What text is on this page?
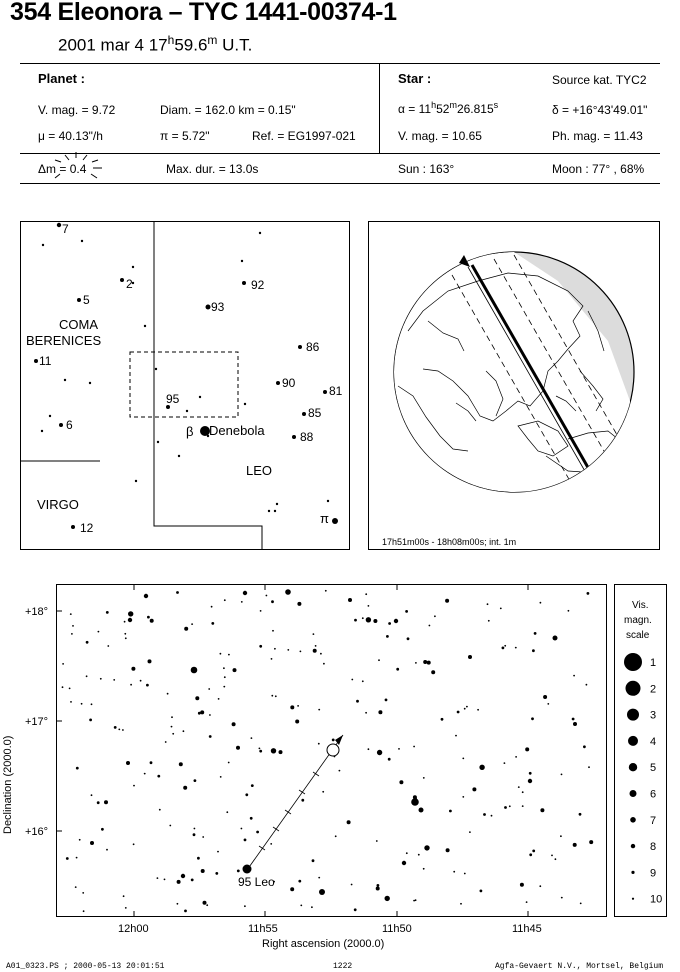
354 Eleonora – TYC 1441-00374-1
2001 mar 4 17$^h$59.6$^m$ U.T.
Planet :
V. mag. = 9.72	Diam. = 162.0 km = 0.15"
μ = 40.13"/h	π = 5.72"	Ref. = EG1997-021
Δm = 0.4	Max. dur. = 13.0s
Star :	Source kat. TYC2
$\alpha = 11^h52^m26.815^s$	δ = +16°43'49.01"
V. mag. = 10.65	Ph. mag. = 11.43
Sun : 163°	Moon : 77° , 68%
COMA
BERENICES
VIRGO
LEO
7
2
5
11
6
93
92
86
90
81
85
88
95
12
β Denebola
π
17h51m00s - 18h08m00s; int. 1m
+18°
+17°
+16°
12h00	11h55	11h50	11h45
Right ascension (2000.0)
Declination (2000.0)
95 Leo
Vis.
magn.
scale
1
2
3
4
5
6
7
8
9
10
A01_0323.PS ; 2000-05-13 20:01:51	1222	Agfa-Gevaert N.V., Mortsel, Belgium
